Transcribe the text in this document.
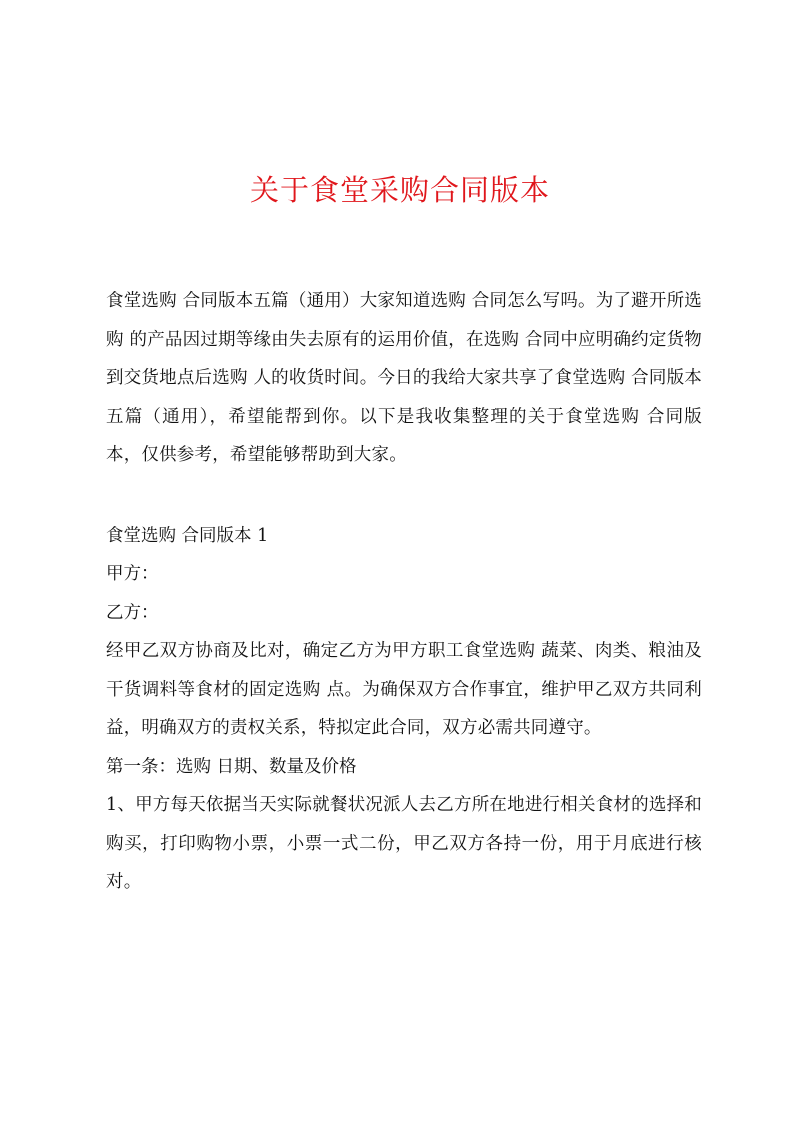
关于食堂采购合同版本

食堂选购 合同版本五篇（通用）大家知道选购 合同怎么写吗。为了避开所选购 的产品因过期等缘由失去原有的运用价值，在选购 合同中应明确约定货物到交货地点后选购 人的收货时间。今日的我给大家共享了食堂选购 合同版本五篇（通用），希望能帮到你。以下是我收集整理的关于食堂选购 合同版本，仅供参考，希望能够帮助到大家。

食堂选购 合同版本 1

甲方：

乙方：

经甲乙双方协商及比对，确定乙方为甲方职工食堂选购 蔬菜、肉类、粮油及干货调料等食材的固定选购 点。为确保双方合作事宜，维护甲乙双方共同利益，明确双方的责权关系，特拟定此合同，双方必需共同遵守。

第一条：选购 日期、数量及价格

1、甲方每天依据当天实际就餐状况派人去乙方所在地进行相关食材的选择和购买，打印购物小票，小票一式二份，甲乙双方各持一份，用于月底进行核对。
